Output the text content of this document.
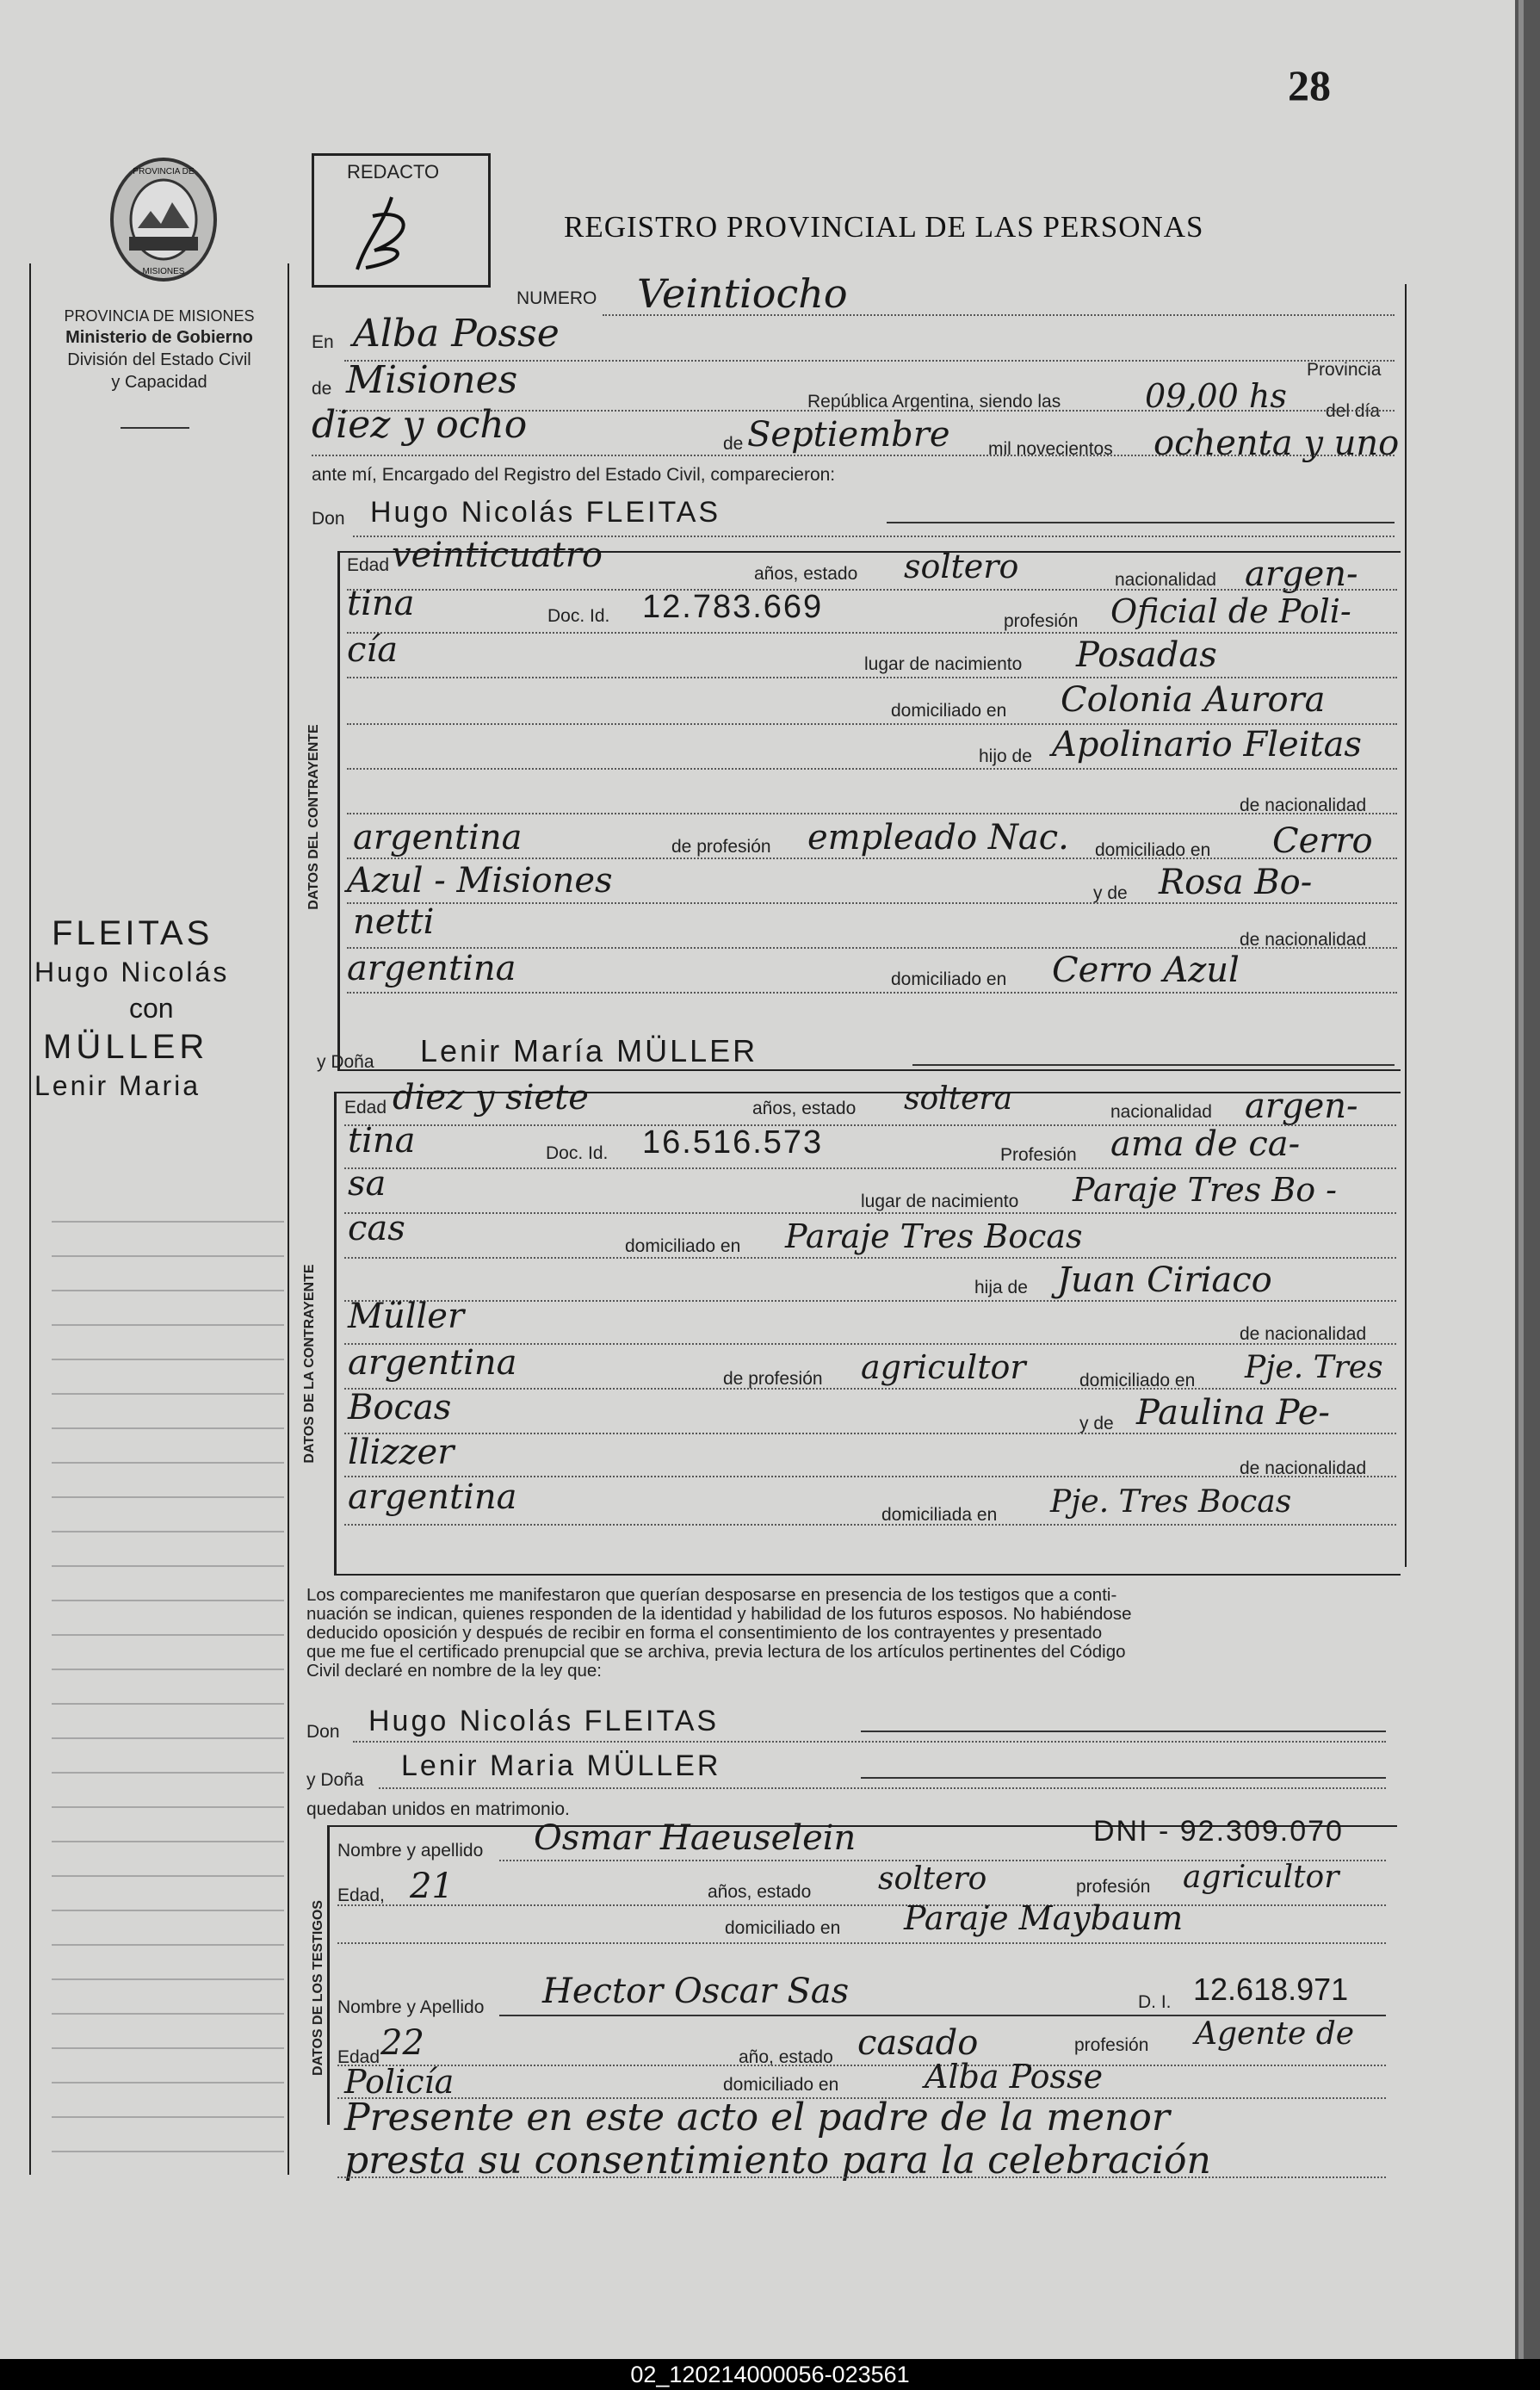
28
PROVINCIA DE
MISIONES
PROVINCIA DE MISIONES
Ministerio de Gobierno
División del Estado Civil
y Capacidad
REDACTO
REGISTRO PROVINCIAL DE LAS PERSONAS
FLEITAS
Hugo Nicolás
con
MÜLLER
Lenir Maria
NUMERO Veintiocho
En Alba Posse
Provincia
de Misiones	República Argentina, siendo las	09,00 hs del día
diez y ocho	de Septiembre mil novecientos ochenta y uno
ante mí, Encargado del Registro del Estado Civil, comparecieron:
Don Hugo Nicolás FLEITAS
DATOS DEL CONTRAYENTE
Edad veinticuatro	años, estado soltero	nacionalidad argen-
tina	Doc. Id. 12.783.669	profesión Oficial de Poli-
cía	lugar de nacimiento Posadas
domiciliado en Colonia Aurora
hijo de Apolinario Fleitas
de nacionalidad
argentina	de profesión empleado Nac. domiciliado en Cerro
Azul - Misiones	y de Rosa Bo-
netti	de nacionalidad
argentina	domiciliado en Cerro Azul
y Doña Lenir María MÜLLER
DATOS DE LA CONTRAYENTE
Edad diez y siete	años, estado soltera	nacionalidad argen-
tina	Doc. Id. 16.516.573	Profesión ama de ca-
sa	lugar de nacimiento Paraje Tres Bo -
cas	domiciliado en Paraje Tres Bocas
hija de Juan Ciriaco
Müller	de nacionalidad
argentina	de profesión agricultor	domiciliado en Pje. Tres
Bocas	y de Paulina Pe-
llizzer	de nacionalidad
argentina	domiciliada en Pje. Tres Bocas
Los comparecientes me manifestaron que querían desposarse en presencia de los testigos que a conti-
nuación se indican, quienes responden de la identidad y habilidad de los futuros esposos. No habiéndose
deducido oposición y después de recibir en forma el consentimiento de los contrayentes y presentado
que me fue el certificado prenupcial que se archiva, previa lectura de los artículos pertinentes del Código
Civil declaré en nombre de la ley que:
Don Hugo Nicolás FLEITAS
y Doña Lenir Maria MÜLLER
quedaban unidos en matrimonio.
DATOS DE LOS TESTIGOS
Nombre y apellido Osmar Haeuselein	DNI - 92.309.070
Edad, 21	años, estado soltero	profesión agricultor
domiciliado en Paraje Maybaum
Nombre y Apellido Hector Oscar Sas	D. I. 12.618.971
Edad 22	año, estado casado	profesión Agente de
Policía	domiciliado en	Alba Posse
Presente en este acto el padre de la menor
presta su consentimiento para la celebración
02_120214000056-023561
